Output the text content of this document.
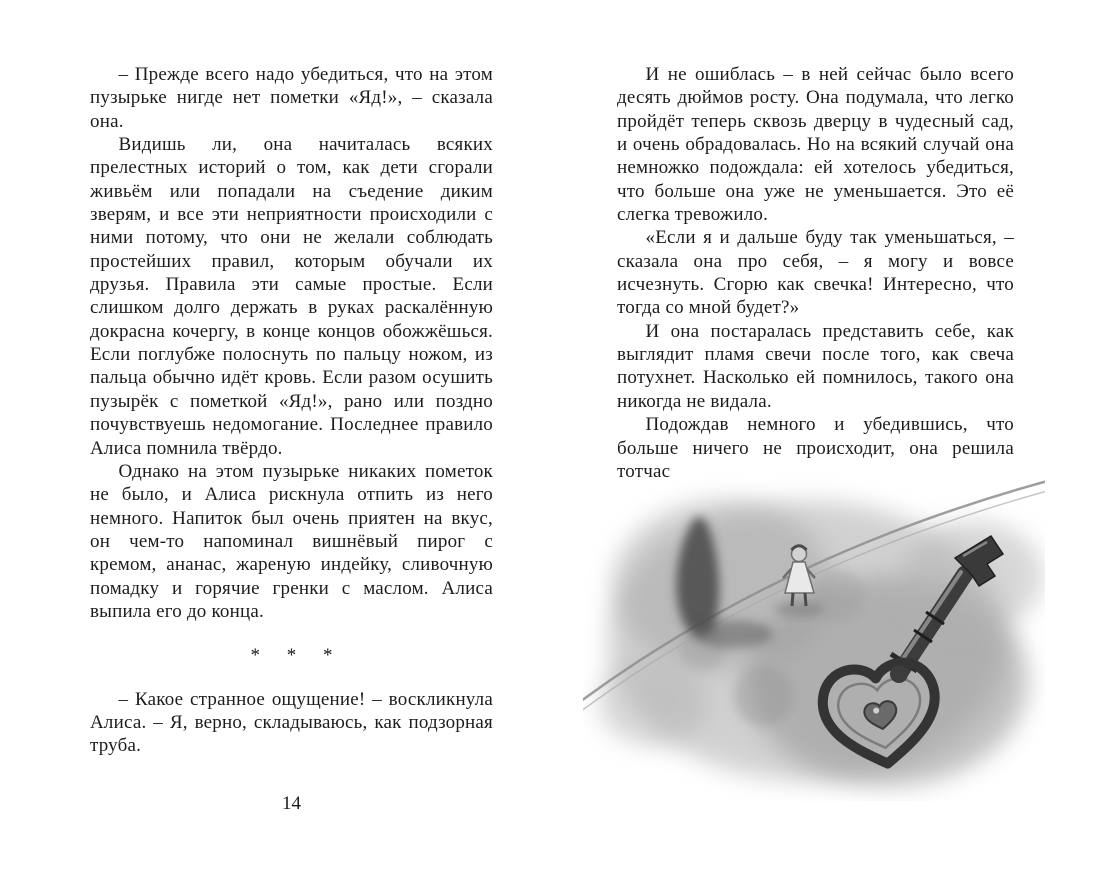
– Прежде всего надо убедиться, что на этом пузырьке нигде нет пометки «Яд!», – сказала она.

Видишь ли, она начиталась всяких прелестных историй о том, как дети сгорали живьём или попадали на съедение диким зверям, и все эти неприятности происходили с ними потому, что они не желали соблюдать простейших правил, которым обучали их друзья. Правила эти самые простые. Если слишком долго держать в руках раскалённую докрасна кочергу, в конце концов обожжёшься. Если поглубже полоснуть по пальцу ножом, из пальца обычно идёт кровь. Если разом осушить пузырёк с пометкой «Яд!», рано или поздно почувствуешь недомогание. Последнее правило Алиса помнила твёрдо.

Однако на этом пузырьке никаких пометок не было, и Алиса рискнула отпить из него немного. Напиток был очень приятен на вкус, он чем-то напоминал вишнёвый пирог с кремом, ананас, жареную индейку, сливочную помадку и горячие гренки с маслом. Алиса выпила его до конца.

* * *

– Какое странное ощущение! – воскликнула Алиса. – Я, верно, складываюсь, как подзорная труба.

14

И не ошиблась – в ней сейчас было всего десять дюймов росту. Она подумала, что легко пройдёт теперь сквозь дверцу в чудесный сад, и очень обрадовалась. Но на всякий случай она немножко подождала: ей хотелось убедиться, что больше она уже не уменьшается. Это её слегка тревожило.

«Если я и дальше буду так уменьшаться, – сказала она про себя, – я могу и вовсе исчезнуть. Сгорю как свечка! Интересно, что тогда со мной будет?»

И она постаралась представить себе, как выглядит пламя свечи после того, как свеча потухнет. Насколько ей помнилось, такого она никогда не видала.

Подождав немного и убедившись, что больше ничего не происходит, она решила тотчас
